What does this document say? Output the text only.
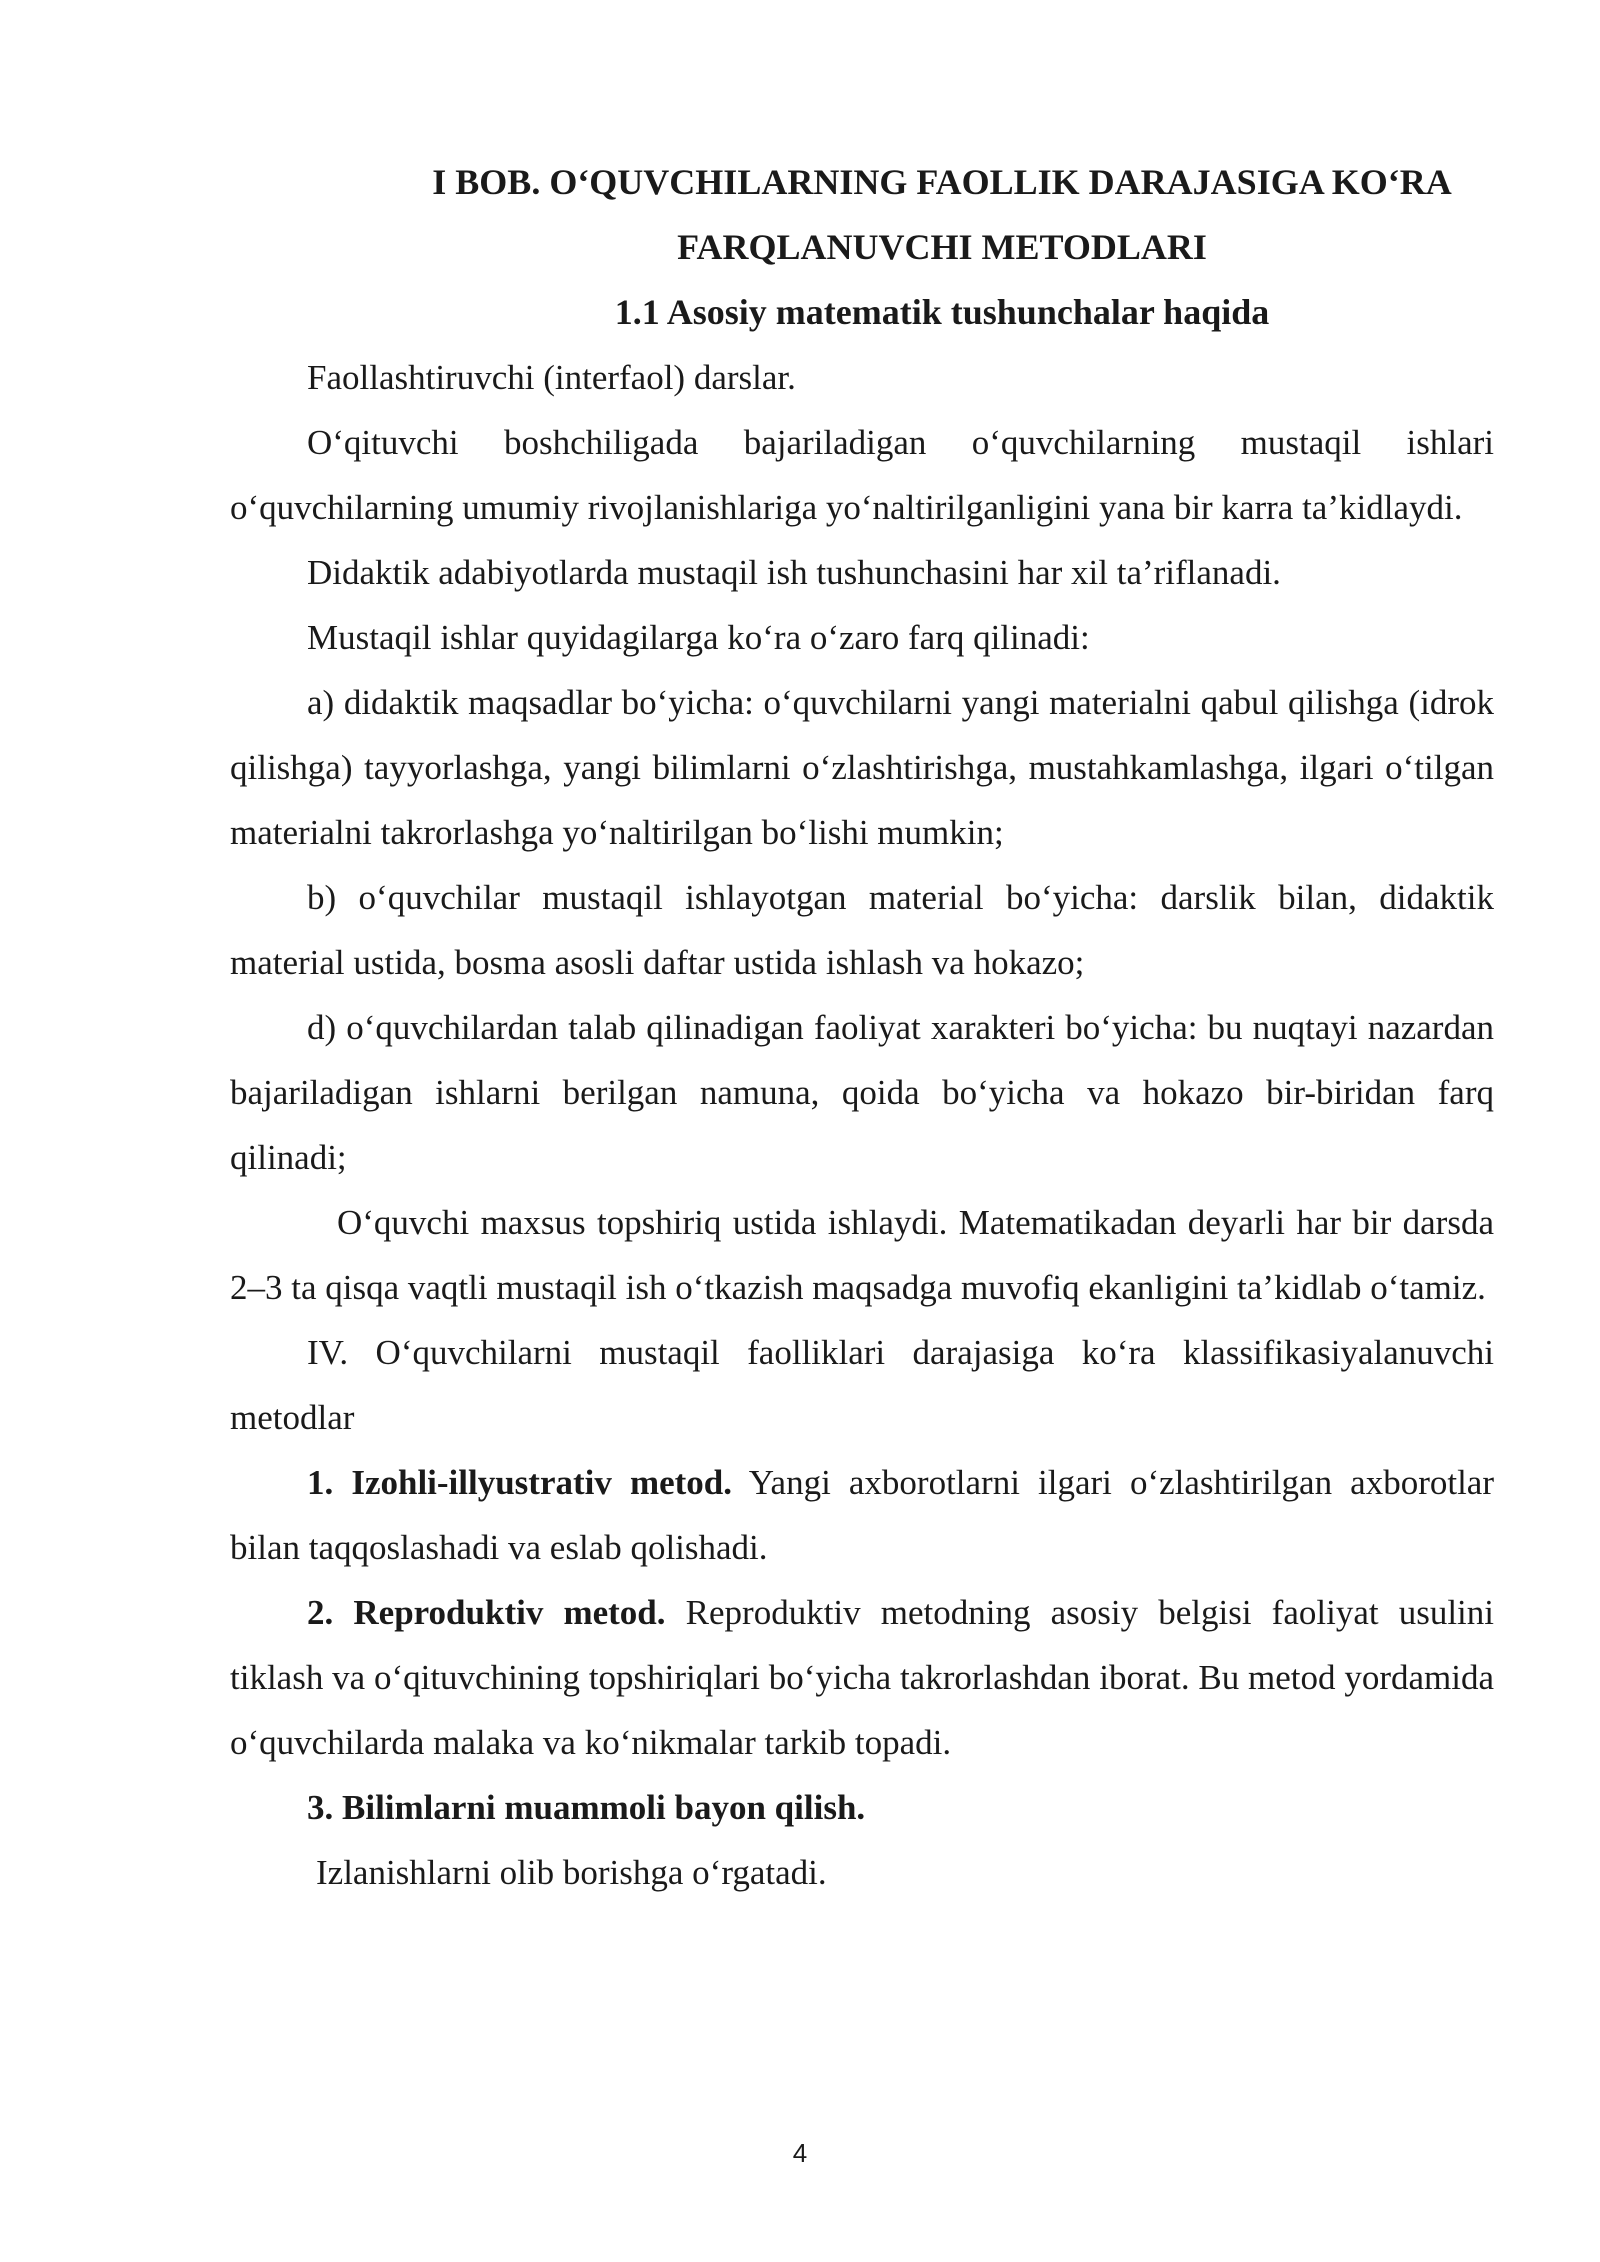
I BOB. O‘QUVCHILARNING FAOLLIK DARAJASIGA KO‘RA
FARQLANUVCHI METODLARI
1.1 Asosiy matematik tushunchalar haqida

Faollashtiruvchi (interfaol) darslar.

O‘qituvchi boshchiligada bajariladigan o‘quvchilarning mustaqil ishlari o‘quvchilarning umumiy rivojlanishlariga yo‘naltirilganligini yana bir karra ta’kidlaydi.

Didaktik adabiyotlarda mustaqil ish tushunchasini har xil ta’riflanadi.

Mustaqil ishlar quyidagilarga ko‘ra o‘zaro farq qilinadi:

a) didaktik maqsadlar bo‘yicha: o‘quvchilarni yangi materialni qabul qilishga (idrok qilishga) tayyorlashga, yangi bilimlarni o‘zlashtirishga, mustahkamlashga, ilgari o‘tilgan materialni takrorlashga yo‘naltirilgan bo‘lishi mumkin;

b) o‘quvchilar mustaqil ishlayotgan material bo‘yicha: darslik bilan, didaktik material ustida, bosma asosli daftar ustida ishlash va hokazo;

d) o‘quvchilardan talab qilinadigan faoliyat xarakteri bo‘yicha: bu nuqtayi nazardan bajariladigan ishlarni berilgan namuna, qoida bo‘yicha va hokazo bir-biridan farq qilinadi;

O‘quvchi maxsus topshiriq ustida ishlaydi. Matematikadan deyarli har bir darsda 2–3 ta qisqa vaqtli mustaqil ish o‘tkazish maqsadga muvofiq ekanligini ta’kidlab o‘tamiz.

IV. O‘quvchilarni mustaqil faolliklari darajasiga ko‘ra klassifikasiyalanuvchi metodlar

1. Izohli-illyustrativ metod. Yangi axborotlarni ilgari o‘zlashtirilgan axborotlar bilan taqqoslashadi va eslab qolishadi.

2. Reproduktiv metod. Reproduktiv metodning asosiy belgisi faoliyat usulini tiklash va o‘qituvchining topshiriqlari bo‘yicha takrorlashdan iborat. Bu metod yordamida o‘quvchilarda malaka va ko‘nikmalar tarkib topadi.

3. Bilimlarni muammoli bayon qilish.

Izlanishlarni olib borishga o‘rgatadi.

4
